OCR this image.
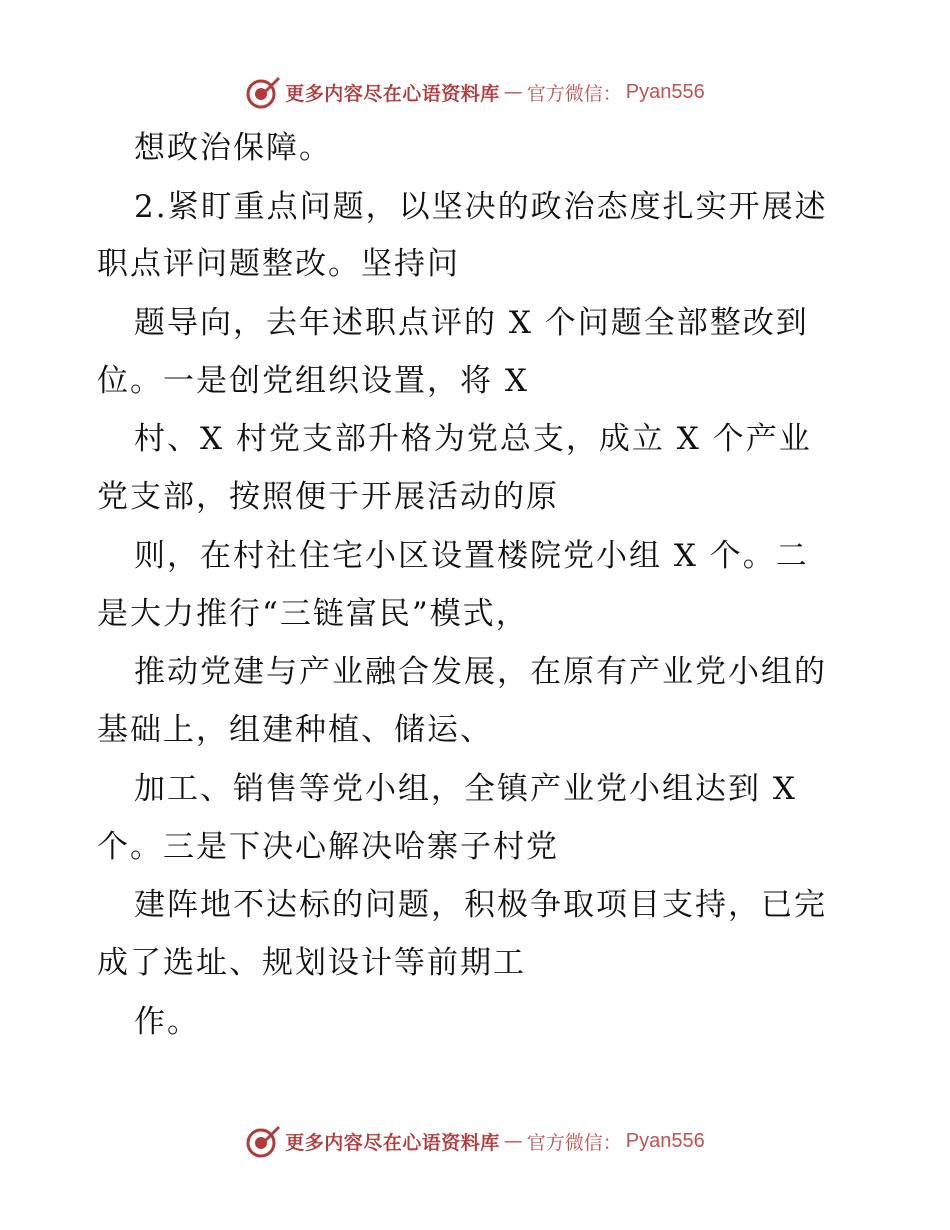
更多内容尽在心语资料库 — 官方微信： Pyan556
想政治保障。
2.紧盯重点问题，以坚决的政治态度扎实开展述
职点评问题整改。坚持问
题导向，去年述职点评的 X 个问题全部整改到
位。一是创党组织设置，将 X
村、X 村党支部升格为党总支，成立 X 个产业
党支部，按照便于开展活动的原
则，在村社住宅小区设置楼院党小组 X 个。二
是大力推行“三链富民”模式，
推动党建与产业融合发展，在原有产业党小组的
基础上，组建种植、储运、
加工、销售等党小组，全镇产业党小组达到 X
个。三是下决心解决哈寨子村党
建阵地不达标的问题，积极争取项目支持，已完
成了选址、规划设计等前期工
作。
更多内容尽在心语资料库 — 官方微信： Pyan556
